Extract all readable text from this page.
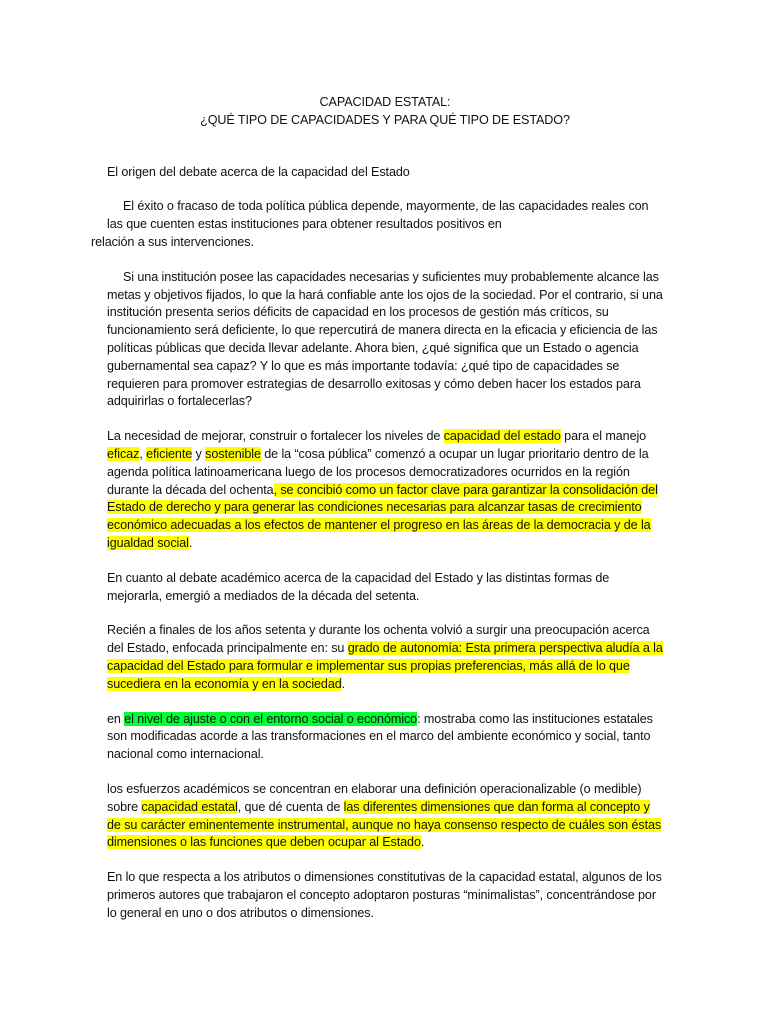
CAPACIDAD ESTATAL:
¿QUÉ TIPO DE CAPACIDADES Y PARA QUÉ TIPO DE ESTADO?

El origen del debate acerca de la capacidad del Estado

El éxito o fracaso de toda política pública depende, mayormente, de las capacidades reales con
las que cuenten estas instituciones para obtener resultados positivos en
relación a sus intervenciones.

Si una institución posee las capacidades necesarias y suficientes muy probablemente alcance las metas y objetivos fijados, lo que la hará confiable ante los ojos de la sociedad. Por el contrario, si una institución presenta serios déficits de capacidad en los procesos de gestión más críticos, su funcionamiento será deficiente, lo que repercutirá de manera directa en la eficacia y eficiencia de las políticas públicas que decida llevar adelante. Ahora bien, ¿qué significa que un Estado o agencia gubernamental sea capaz? Y lo que es más importante todavía: ¿qué tipo de capacidades se requieren para promover estrategias de desarrollo exitosas y cómo deben hacer los estados para adquirirlas o fortalecerlas?

La necesidad de mejorar, construir o fortalecer los niveles de capacidad del estado para el manejo eficaz, eficiente y sostenible de la “cosa pública” comenzó a ocupar un lugar prioritario dentro de la agenda política latinoamericana luego de los procesos democratizadores ocurridos en la región durante la década del ochenta, se concibió como un factor clave para garantizar la consolidación del Estado de derecho y para generar las condiciones necesarias para alcanzar tasas de crecimiento económico adecuadas a los efectos de mantener el progreso en las áreas de la democracia y de la igualdad social.

En cuanto al debate académico acerca de la capacidad del Estado y las distintas formas de mejorarla, emergió a mediados de la década del setenta.

Recién a finales de los años setenta y durante los ochenta volvió a surgir una preocupación acerca del Estado, enfocada principalmente en: su grado de autonomía: Esta primera perspectiva aludía a la capacidad del Estado para formular e implementar sus propias preferencias, más allá de lo que sucediera en la economía y en la sociedad.

en el nivel de ajuste o con el entorno social o económico: mostraba como las instituciones estatales son modificadas acorde a las transformaciones en el marco del ambiente económico y social, tanto nacional como internacional.

los esfuerzos académicos se concentran en elaborar una definición operacionalizable (o medible) sobre capacidad estatal, que dé cuenta de las diferentes dimensiones que dan forma al concepto y de su carácter eminentemente instrumental, aunque no haya consenso respecto de cuáles son éstas dimensiones o las funciones que deben ocupar al Estado.

En lo que respecta a los atributos o dimensiones constitutivas de la capacidad estatal, algunos de los primeros autores que trabajaron el concepto adoptaron posturas “minimalistas”, concentrándose por lo general en uno o dos atributos o dimensiones.
